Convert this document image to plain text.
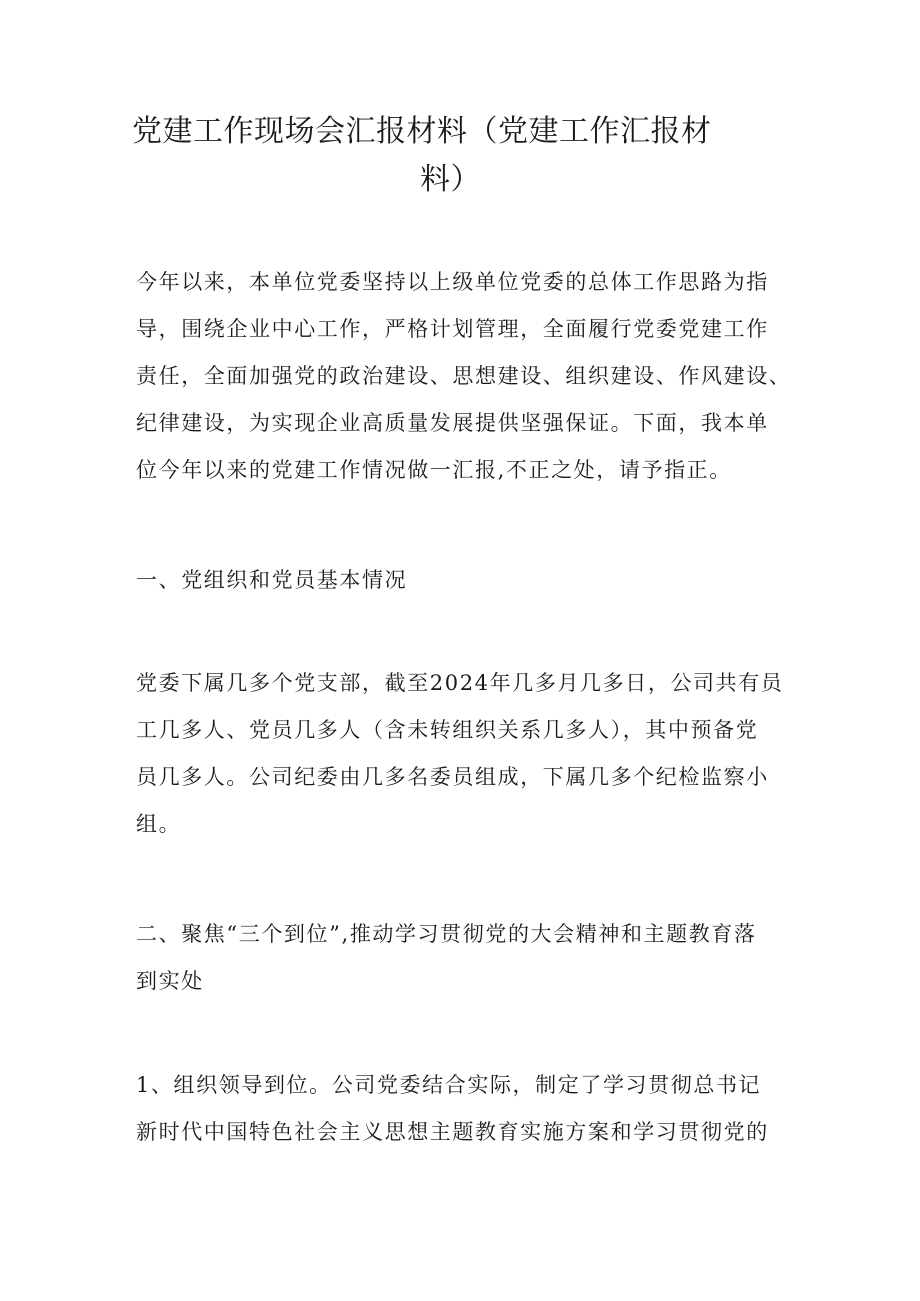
党建工作现场会汇报材料（党建工作汇报材
料）
今年以来，本单位党委坚持以上级单位党委的总体工作思路为指
导，围绕企业中心工作，严格计划管理，全面履行党委党建工作
责任，全面加强党的政治建设、思想建设、组织建设、作风建设、
纪律建设，为实现企业高质量发展提供坚强保证。下面，我本单
位今年以来的党建工作情况做一汇报,不正之处，请予指正。
一、党组织和党员基本情况
党委下属几多个党支部，截至2024年几多月几多日，公司共有员
工几多人、党员几多人（含未转组织关系几多人），其中预备党
员几多人。公司纪委由几多名委员组成，下属几多个纪检监察小
组。
二、聚焦“三个到位”,推动学习贯彻党的大会精神和主题教育落
到实处
1、组织领导到位。公司党委结合实际，制定了学习贯彻总书记
新时代中国特色社会主义思想主题教育实施方案和学习贯彻党的
